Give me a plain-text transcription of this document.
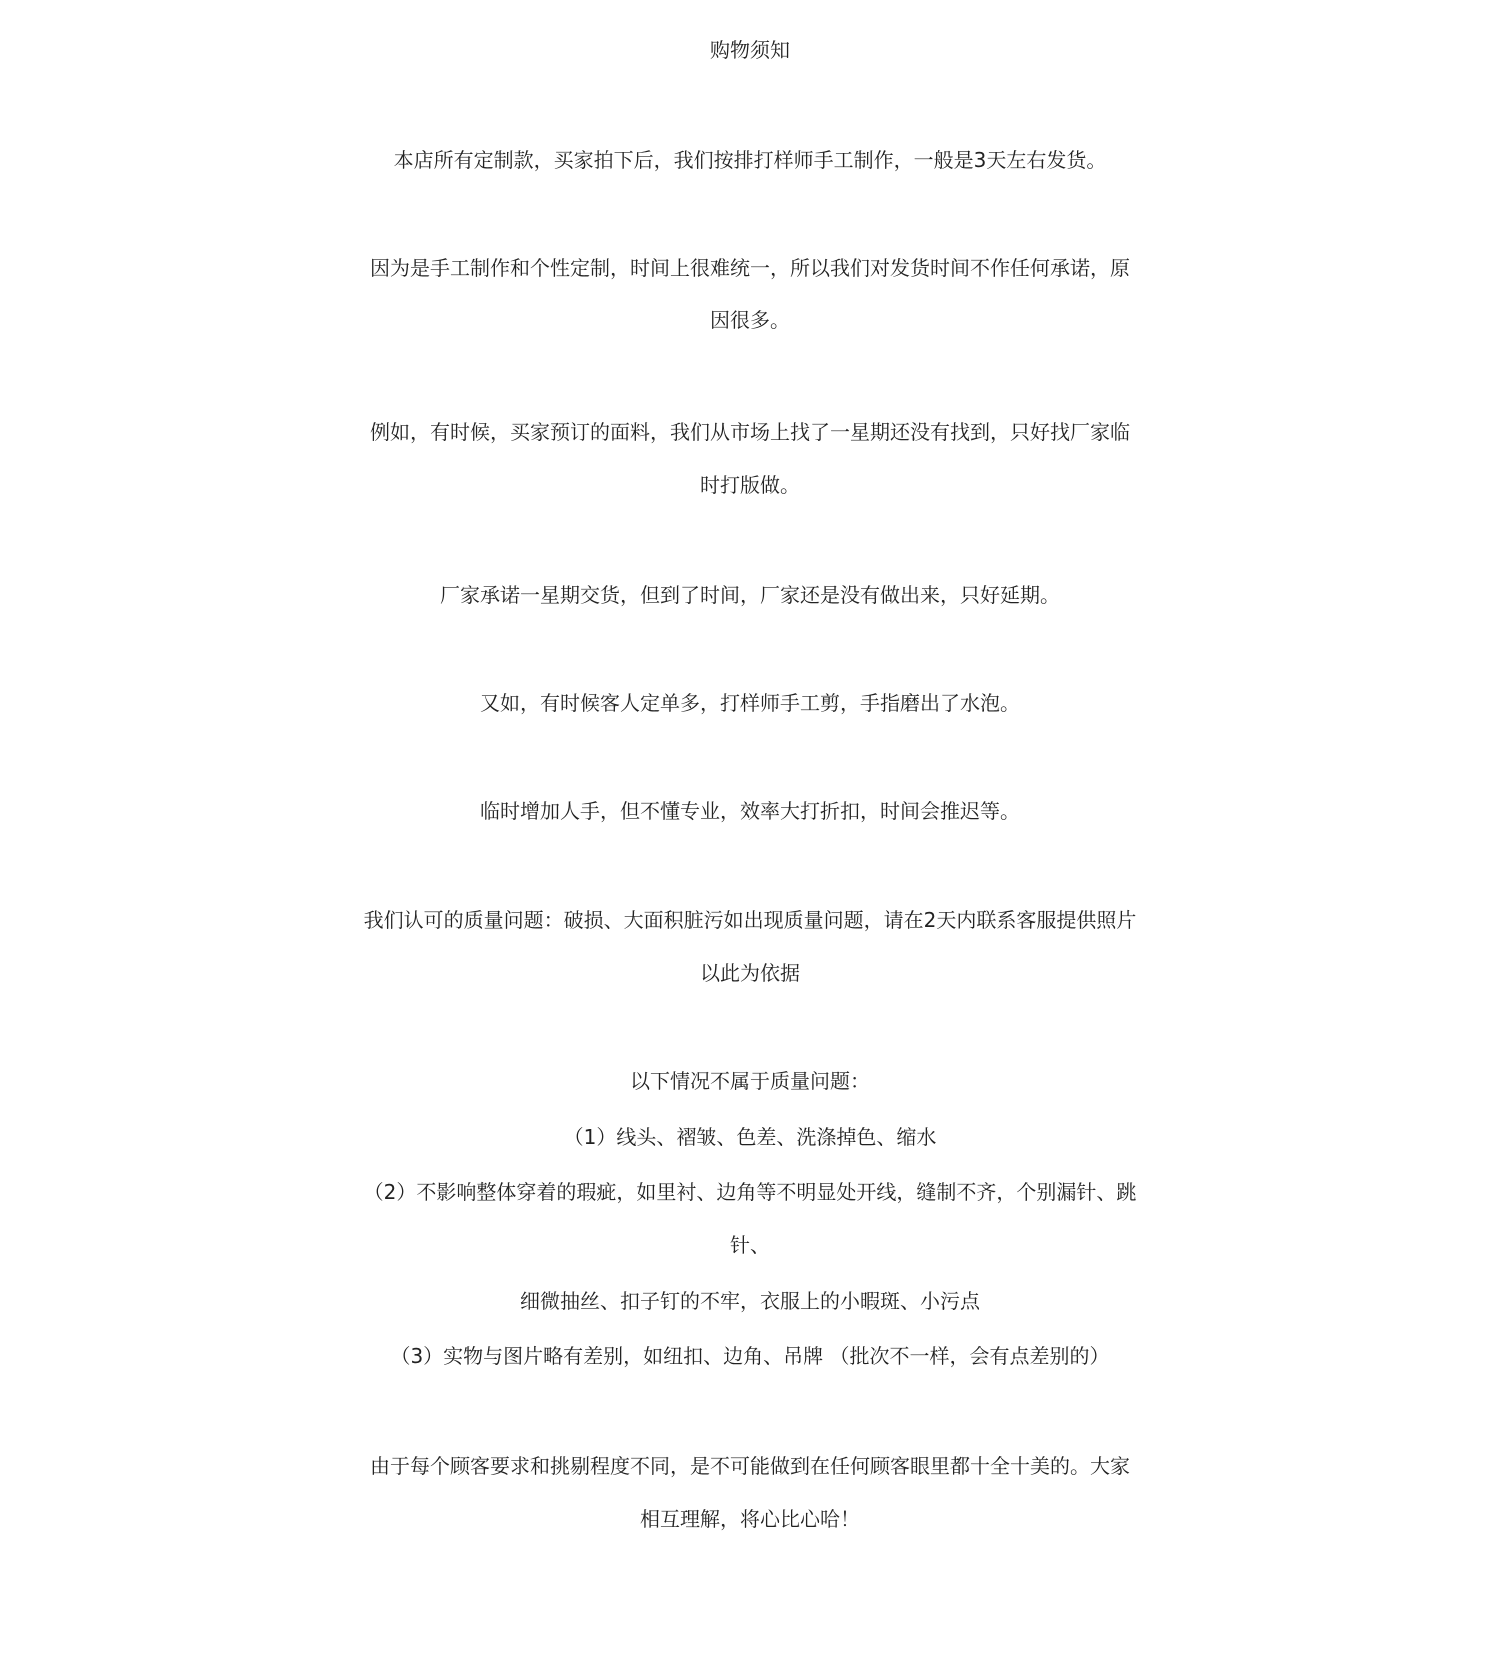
购物须知
本店所有定制款，买家拍下后，我们按排打样师手工制作，一般是3天左右发货。
因为是手工制作和个性定制，时间上很难统一，所以我们对发货时间不作任何承诺，原
因很多。
例如，有时候，买家预订的面料，我们从市场上找了一星期还没有找到，只好找厂家临
时打版做。
厂家承诺一星期交货，但到了时间，厂家还是没有做出来，只好延期。
又如，有时候客人定单多，打样师手工剪，手指磨出了水泡。
临时增加人手，但不懂专业，效率大打折扣，时间会推迟等。
我们认可的质量问题：破损、大面积脏污如出现质量问题，请在2天内联系客服提供照片
以此为依据
以下情况不属于质量问题：
（1）线头、褶皱、色差、洗涤掉色、缩水
（2）不影响整体穿着的瑕疵，如里衬、边角等不明显处开线，缝制不齐，个别漏针、跳
针、
细微抽丝、扣子钉的不牢，衣服上的小暇斑、小污点
（3）实物与图片略有差别，如纽扣、边角、吊牌 （批次不一样，会有点差别的）
由于每个顾客要求和挑剔程度不同，是不可能做到在任何顾客眼里都十全十美的。大家
相互理解，将心比心哈！
